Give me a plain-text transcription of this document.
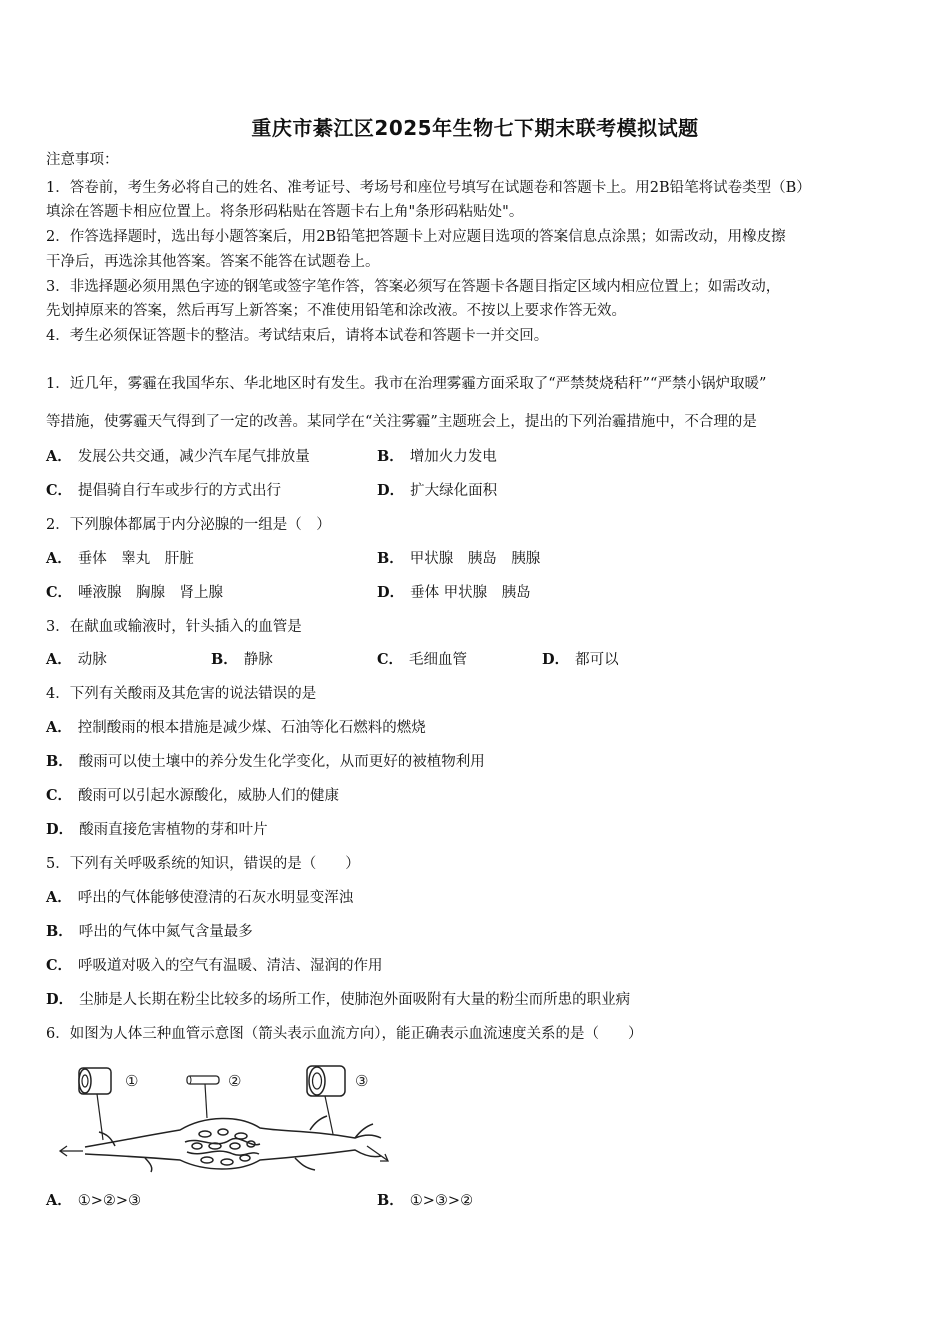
重庆市綦江区2025年生物七下期末联考模拟试题
注意事项：
1．答卷前，考生务必将自己的姓名、准考证号、考场号和座位号填写在试题卷和答题卡上。用2B铅笔将试卷类型（B）
填涂在答题卡相应位置上。将条形码粘贴在答题卡右上角"条形码粘贴处"。
2．作答选择题时，选出每小题答案后，用2B铅笔把答题卡上对应题目选项的答案信息点涂黑；如需改动，用橡皮擦
干净后，再选涂其他答案。答案不能答在试题卷上。
3．非选择题必须用黑色字迹的钢笔或签字笔作答，答案必须写在答题卡各题目指定区域内相应位置上；如需改动，
先划掉原来的答案，然后再写上新答案；不准使用铅笔和涂改液。不按以上要求作答无效。
4．考生必须保证答题卡的整洁。考试结束后，请将本试卷和答题卡一并交回。
1．近几年，雾霾在我国华东、华北地区时有发生。我市在治理雾霾方面采取了“严禁焚烧秸秆”“严禁小锅炉取暖”
等措施，使雾霾天气得到了一定的改善。某同学在“关注雾霾”主题班会上，提出的下列治霾措施中，不合理的是
A． 发展公共交通，减少汽车尾气排放量	B． 增加火力发电
C． 提倡骑自行车或步行的方式出行	D． 扩大绿化面积
2．下列腺体都属于内分泌腺的一组是（　）
A． 垂体　睾丸　肝脏	B． 甲状腺　胰岛　胰腺
C． 唾液腺　胸腺　肾上腺	D． 垂体 甲状腺　胰岛
3．在献血或输液时，针头插入的血管是
A． 动脉	B． 静脉	C． 毛细血管	D． 都可以
4．下列有关酸雨及其危害的说法错误的是
A． 控制酸雨的根本措施是减少煤、石油等化石燃料的燃烧
B． 酸雨可以使土壤中的养分发生化学变化，从而更好的被植物利用
C． 酸雨可以引起水源酸化，威胁人们的健康
D． 酸雨直接危害植物的芽和叶片
5．下列有关呼吸系统的知识，错误的是（　　）
A． 呼出的气体能够使澄清的石灰水明显变浑浊
B． 呼出的气体中氮气含量最多
C． 呼吸道对吸入的空气有温暖、清洁、湿润的作用
D． 尘肺是人长期在粉尘比较多的场所工作，使肺泡外面吸附有大量的粉尘而所患的职业病
6．如图为人体三种血管示意图（箭头表示血流方向），能正确表示血流速度关系的是（　　）
①	②	③
A． ①>②>③	B． ①>③>②
